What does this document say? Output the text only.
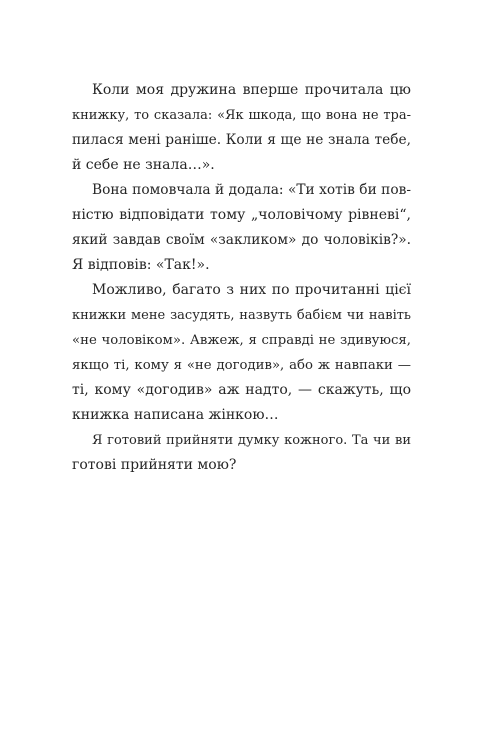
Коли моя дружина вперше прочитала цю
книжку, то сказала: «Як шкода, що вона не тра-
пилася мені раніше. Коли я ще не знала тебе,
й себе не знала…».
Вона помовчала й додала: «Ти хотів би пов-
ністю відповідати тому „чоловічому рівневі“,
який завдав своїм «закликом» до чоловіків?».
Я відповів: «Так!».
Можливо, багато з них по прочитанні цієї
книжки мене засудять, назвуть бабієм чи навіть
«не чоловіком». Авжеж, я справді не здивуюся,
якщо ті, кому я «не догодив», або ж навпаки —
ті, кому «догодив» аж надто, — скажуть, що
книжка написана жінкою…
Я готовий прийняти думку кожного. Та чи ви
готові прийняти мою?
